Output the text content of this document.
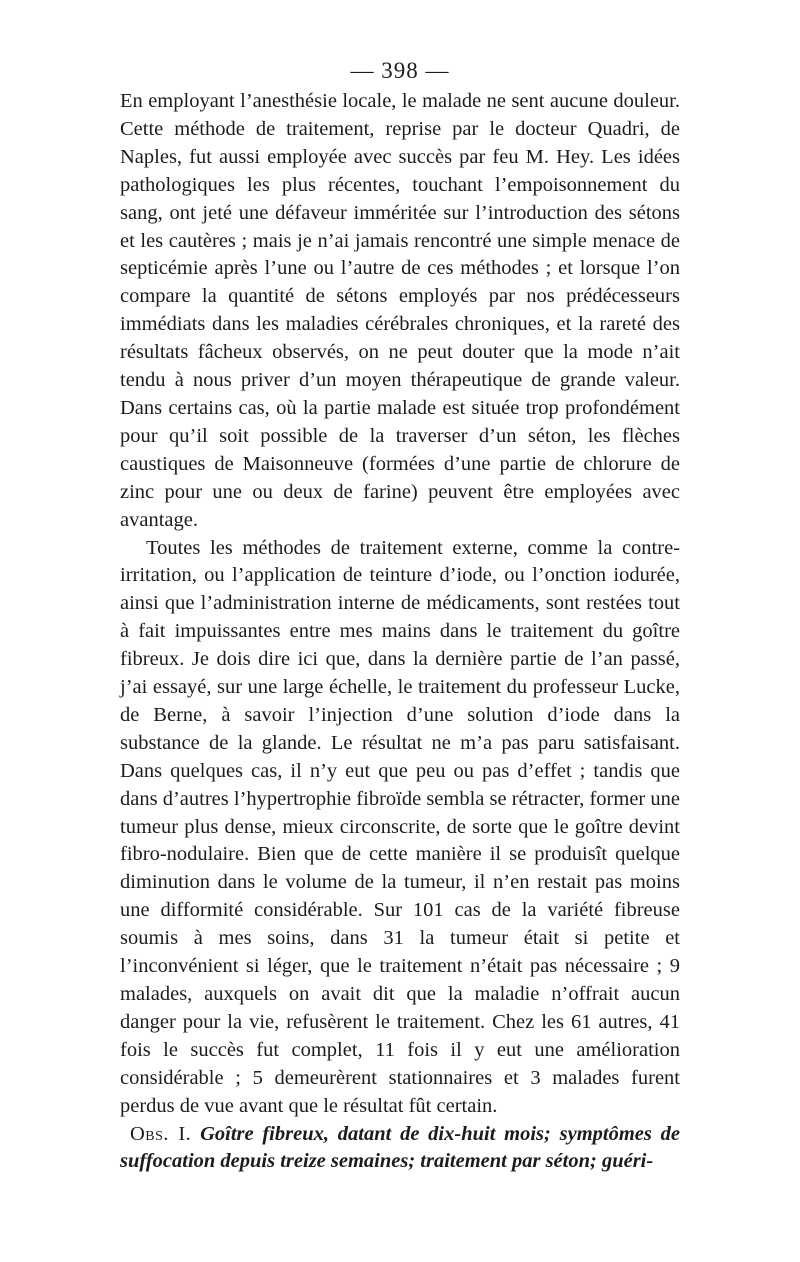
— 398 —

En employant l’anesthésie locale, le malade ne sent aucune douleur. Cette méthode de traitement, reprise par le docteur Quadri, de Naples, fut aussi employée avec succès par feu M. Hey. Les idées pathologiques les plus récentes, touchant l’empoisonnement du sang, ont jeté une défaveur imméritée sur l’introduction des sétons et les cautères ; mais je n’ai jamais rencontré une simple menace de septicémie après l’une ou l’autre de ces méthodes ; et lorsque l’on compare la quantité de sétons employés par nos prédécesseurs immédiats dans les maladies cérébrales chroniques, et la rareté des résultats fâcheux observés, on ne peut douter que la mode n’ait tendu à nous priver d’un moyen thérapeutique de grande valeur. Dans certains cas, où la partie malade est située trop profondément pour qu’il soit possible de la traverser d’un séton, les flèches caustiques de Maisonneuve (formées d’une partie de chlorure de zinc pour une ou deux de farine) peuvent être employées avec avantage.

Toutes les méthodes de traitement externe, comme la contre-irritation, ou l’application de teinture d’iode, ou l’onction iodurée, ainsi que l’administration interne de médicaments, sont restées tout à fait impuissantes entre mes mains dans le traitement du goître fibreux. Je dois dire ici que, dans la dernière partie de l’an passé, j’ai essayé, sur une large échelle, le traitement du professeur Lucke, de Berne, à savoir l’injection d’une solution d’iode dans la substance de la glande. Le résultat ne m’a pas paru satisfaisant. Dans quelques cas, il n’y eut que peu ou pas d’effet ; tandis que dans d’autres l’hypertrophie fibroïde sembla se rétracter, former une tumeur plus dense, mieux circonscrite, de sorte que le goître devint fibro-nodulaire. Bien que de cette manière il se produisît quelque diminution dans le volume de la tumeur, il n’en restait pas moins une difformité considérable. Sur 101 cas de la variété fibreuse soumis à mes soins, dans 31 la tumeur était si petite et l’inconvénient si léger, que le traitement n’était pas nécessaire ; 9 malades, auxquels on avait dit que la maladie n’offrait aucun danger pour la vie, refusèrent le traitement. Chez les 61 autres, 41 fois le succès fut complet, 11 fois il y eut une amélioration considérable ; 5 demeurèrent stationnaires et 3 malades furent perdus de vue avant que le résultat fût certain.

Obs. I. Goître fibreux, datant de dix-huit mois; symptômes de suffocation depuis treize semaines; traitement par séton; guéri-
